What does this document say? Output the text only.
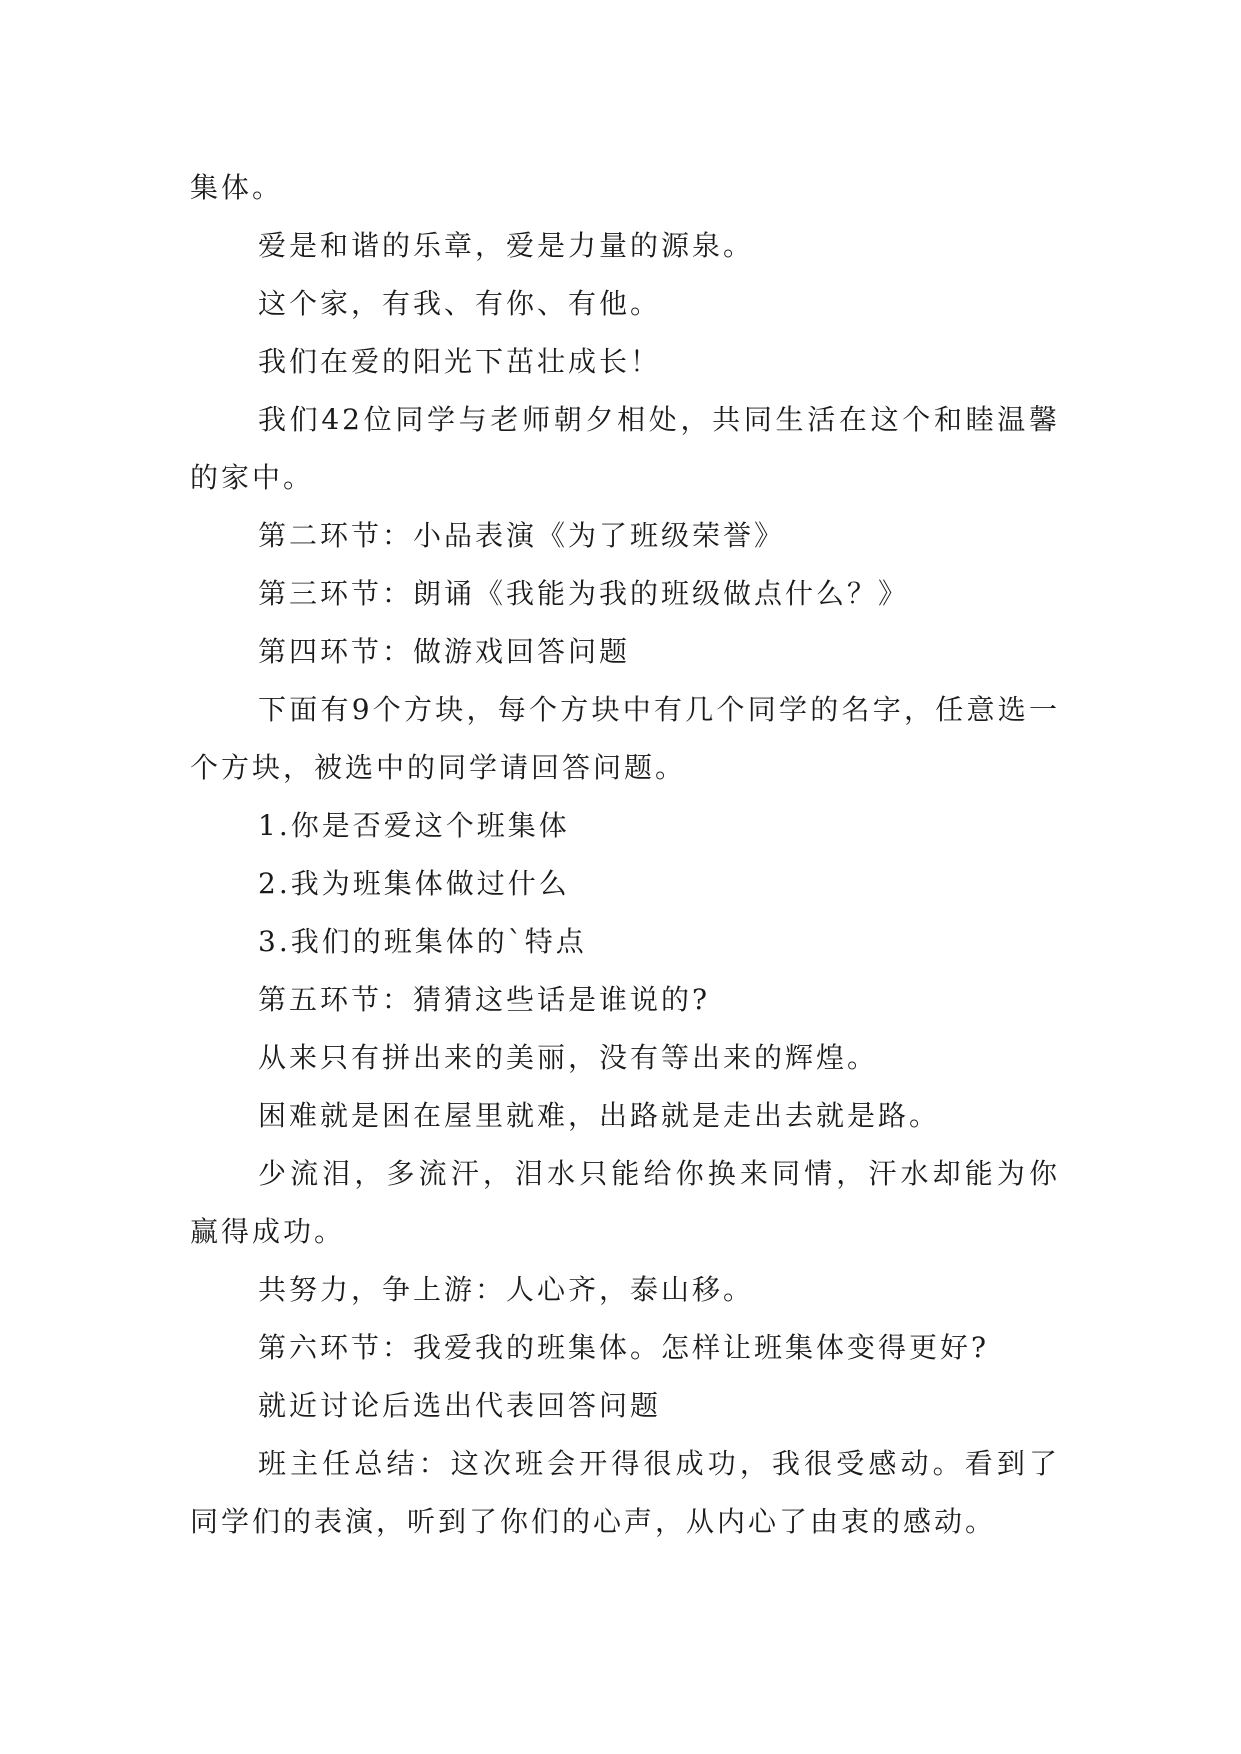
集体。

爱是和谐的乐章，爱是力量的源泉。

这个家，有我、有你、有他。

我们在爱的阳光下茁壮成长！

我们42位同学与老师朝夕相处，共同生活在这个和睦温馨的家中。

第二环节：小品表演《为了班级荣誉》

第三环节：朗诵《我能为我的班级做点什么？》

第四环节：做游戏回答问题

下面有9个方块，每个方块中有几个同学的名字，任意选一个方块，被选中的同学请回答问题。

1.你是否爱这个班集体

2.我为班集体做过什么

3.我们的班集体的`特点

第五环节：猜猜这些话是谁说的?

从来只有拼出来的美丽，没有等出来的辉煌。

困难就是困在屋里就难，出路就是走出去就是路。

少流泪，多流汗，泪水只能给你换来同情，汗水却能为你赢得成功。

共努力，争上游：人心齐，泰山移。

第六环节：我爱我的班集体。怎样让班集体变得更好?

就近讨论后选出代表回答问题

班主任总结：这次班会开得很成功，我很受感动。看到了同学们的表演，听到了你们的心声，从内心了由衷的感动。
